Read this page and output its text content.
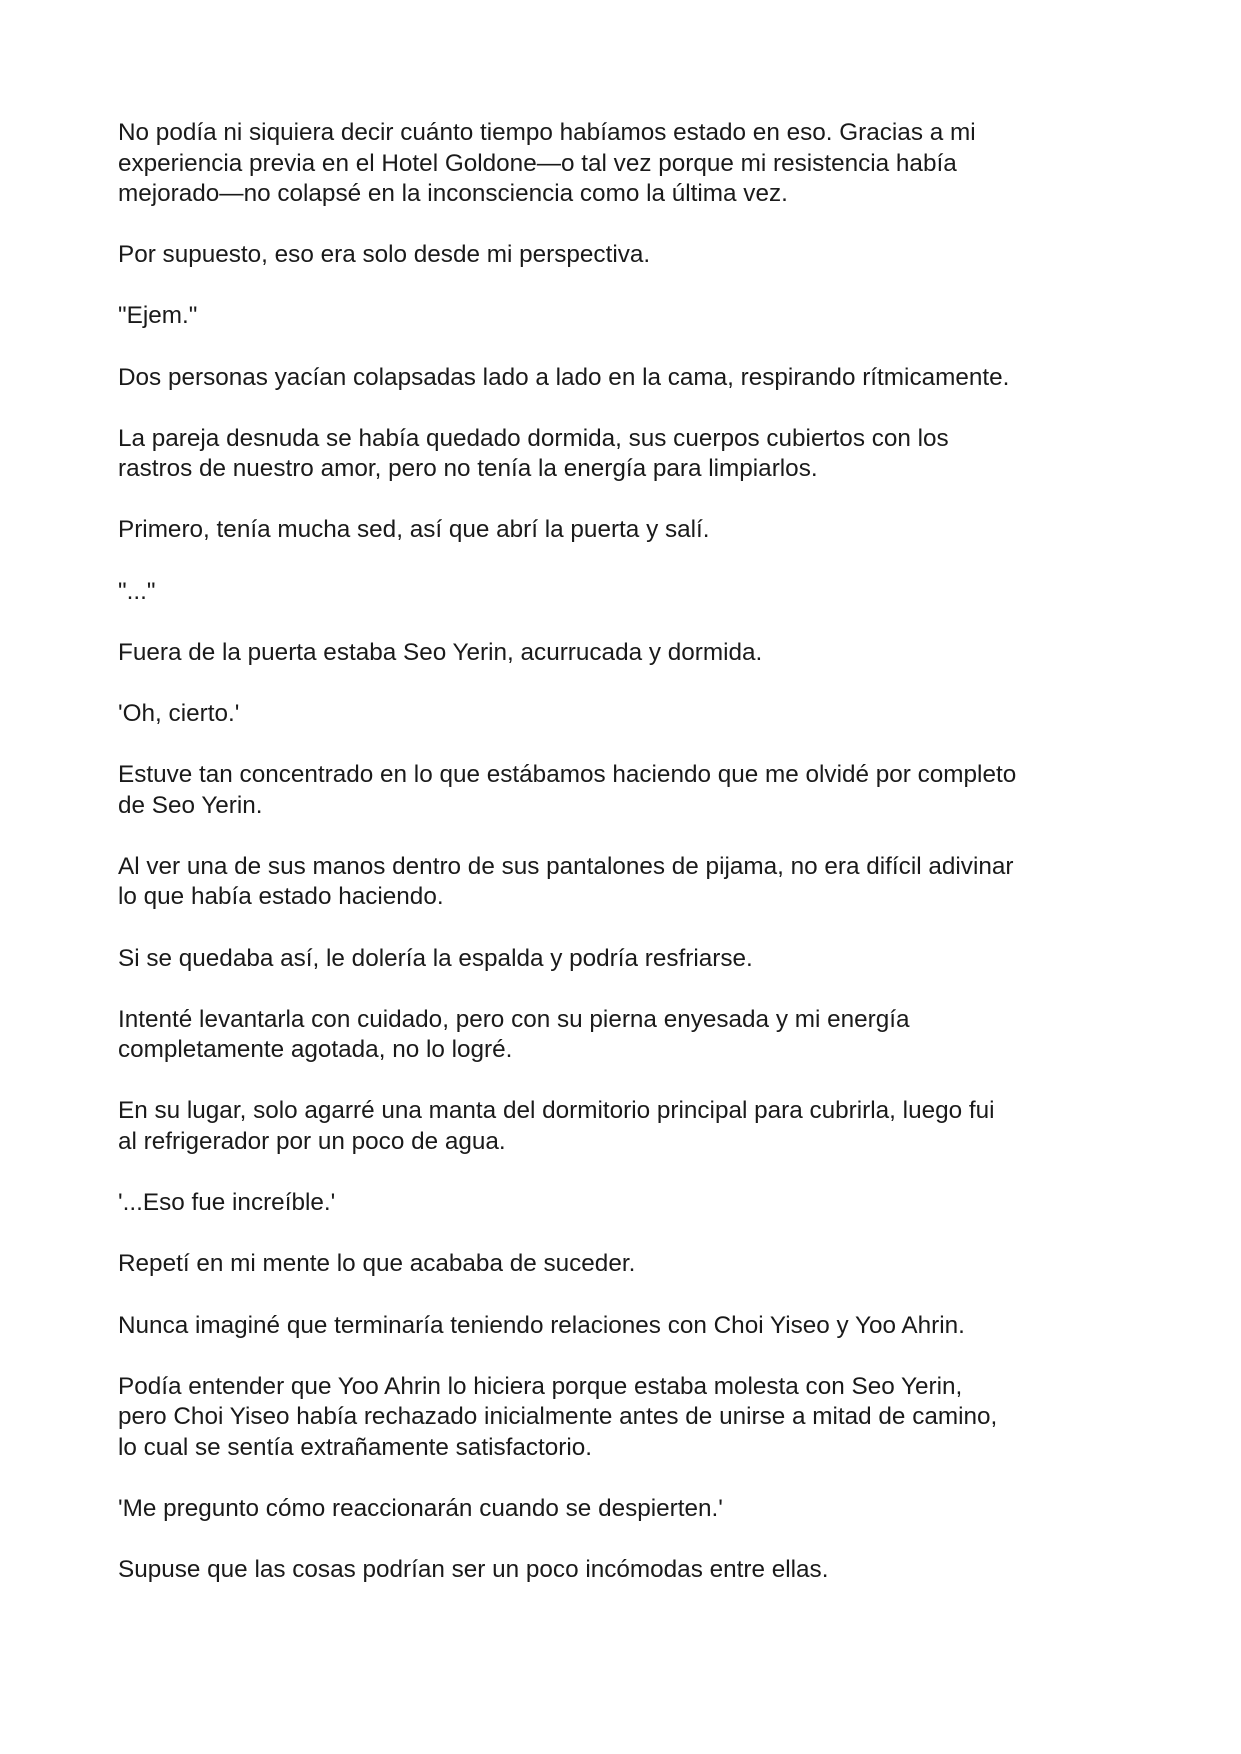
No podía ni siquiera decir cuánto tiempo habíamos estado en eso. Gracias a mi
experiencia previa en el Hotel Goldone—o tal vez porque mi resistencia había
mejorado—no colapsé en la inconsciencia como la última vez.

Por supuesto, eso era solo desde mi perspectiva.

"Ejem."

Dos personas yacían colapsadas lado a lado en la cama, respirando rítmicamente.

La pareja desnuda se había quedado dormida, sus cuerpos cubiertos con los
rastros de nuestro amor, pero no tenía la energía para limpiarlos.

Primero, tenía mucha sed, así que abrí la puerta y salí.

"..."

Fuera de la puerta estaba Seo Yerin, acurrucada y dormida.

'Oh, cierto.'

Estuve tan concentrado en lo que estábamos haciendo que me olvidé por completo
de Seo Yerin.

Al ver una de sus manos dentro de sus pantalones de pijama, no era difícil adivinar
lo que había estado haciendo.

Si se quedaba así, le dolería la espalda y podría resfriarse.

Intenté levantarla con cuidado, pero con su pierna enyesada y mi energía
completamente agotada, no lo logré.

En su lugar, solo agarré una manta del dormitorio principal para cubrirla, luego fui
al refrigerador por un poco de agua.

'...Eso fue increíble.'

Repetí en mi mente lo que acababa de suceder.

Nunca imaginé que terminaría teniendo relaciones con Choi Yiseo y Yoo Ahrin.

Podía entender que Yoo Ahrin lo hiciera porque estaba molesta con Seo Yerin,
pero Choi Yiseo había rechazado inicialmente antes de unirse a mitad de camino,
lo cual se sentía extrañamente satisfactorio.

'Me pregunto cómo reaccionarán cuando se despierten.'

Supuse que las cosas podrían ser un poco incómodas entre ellas.
